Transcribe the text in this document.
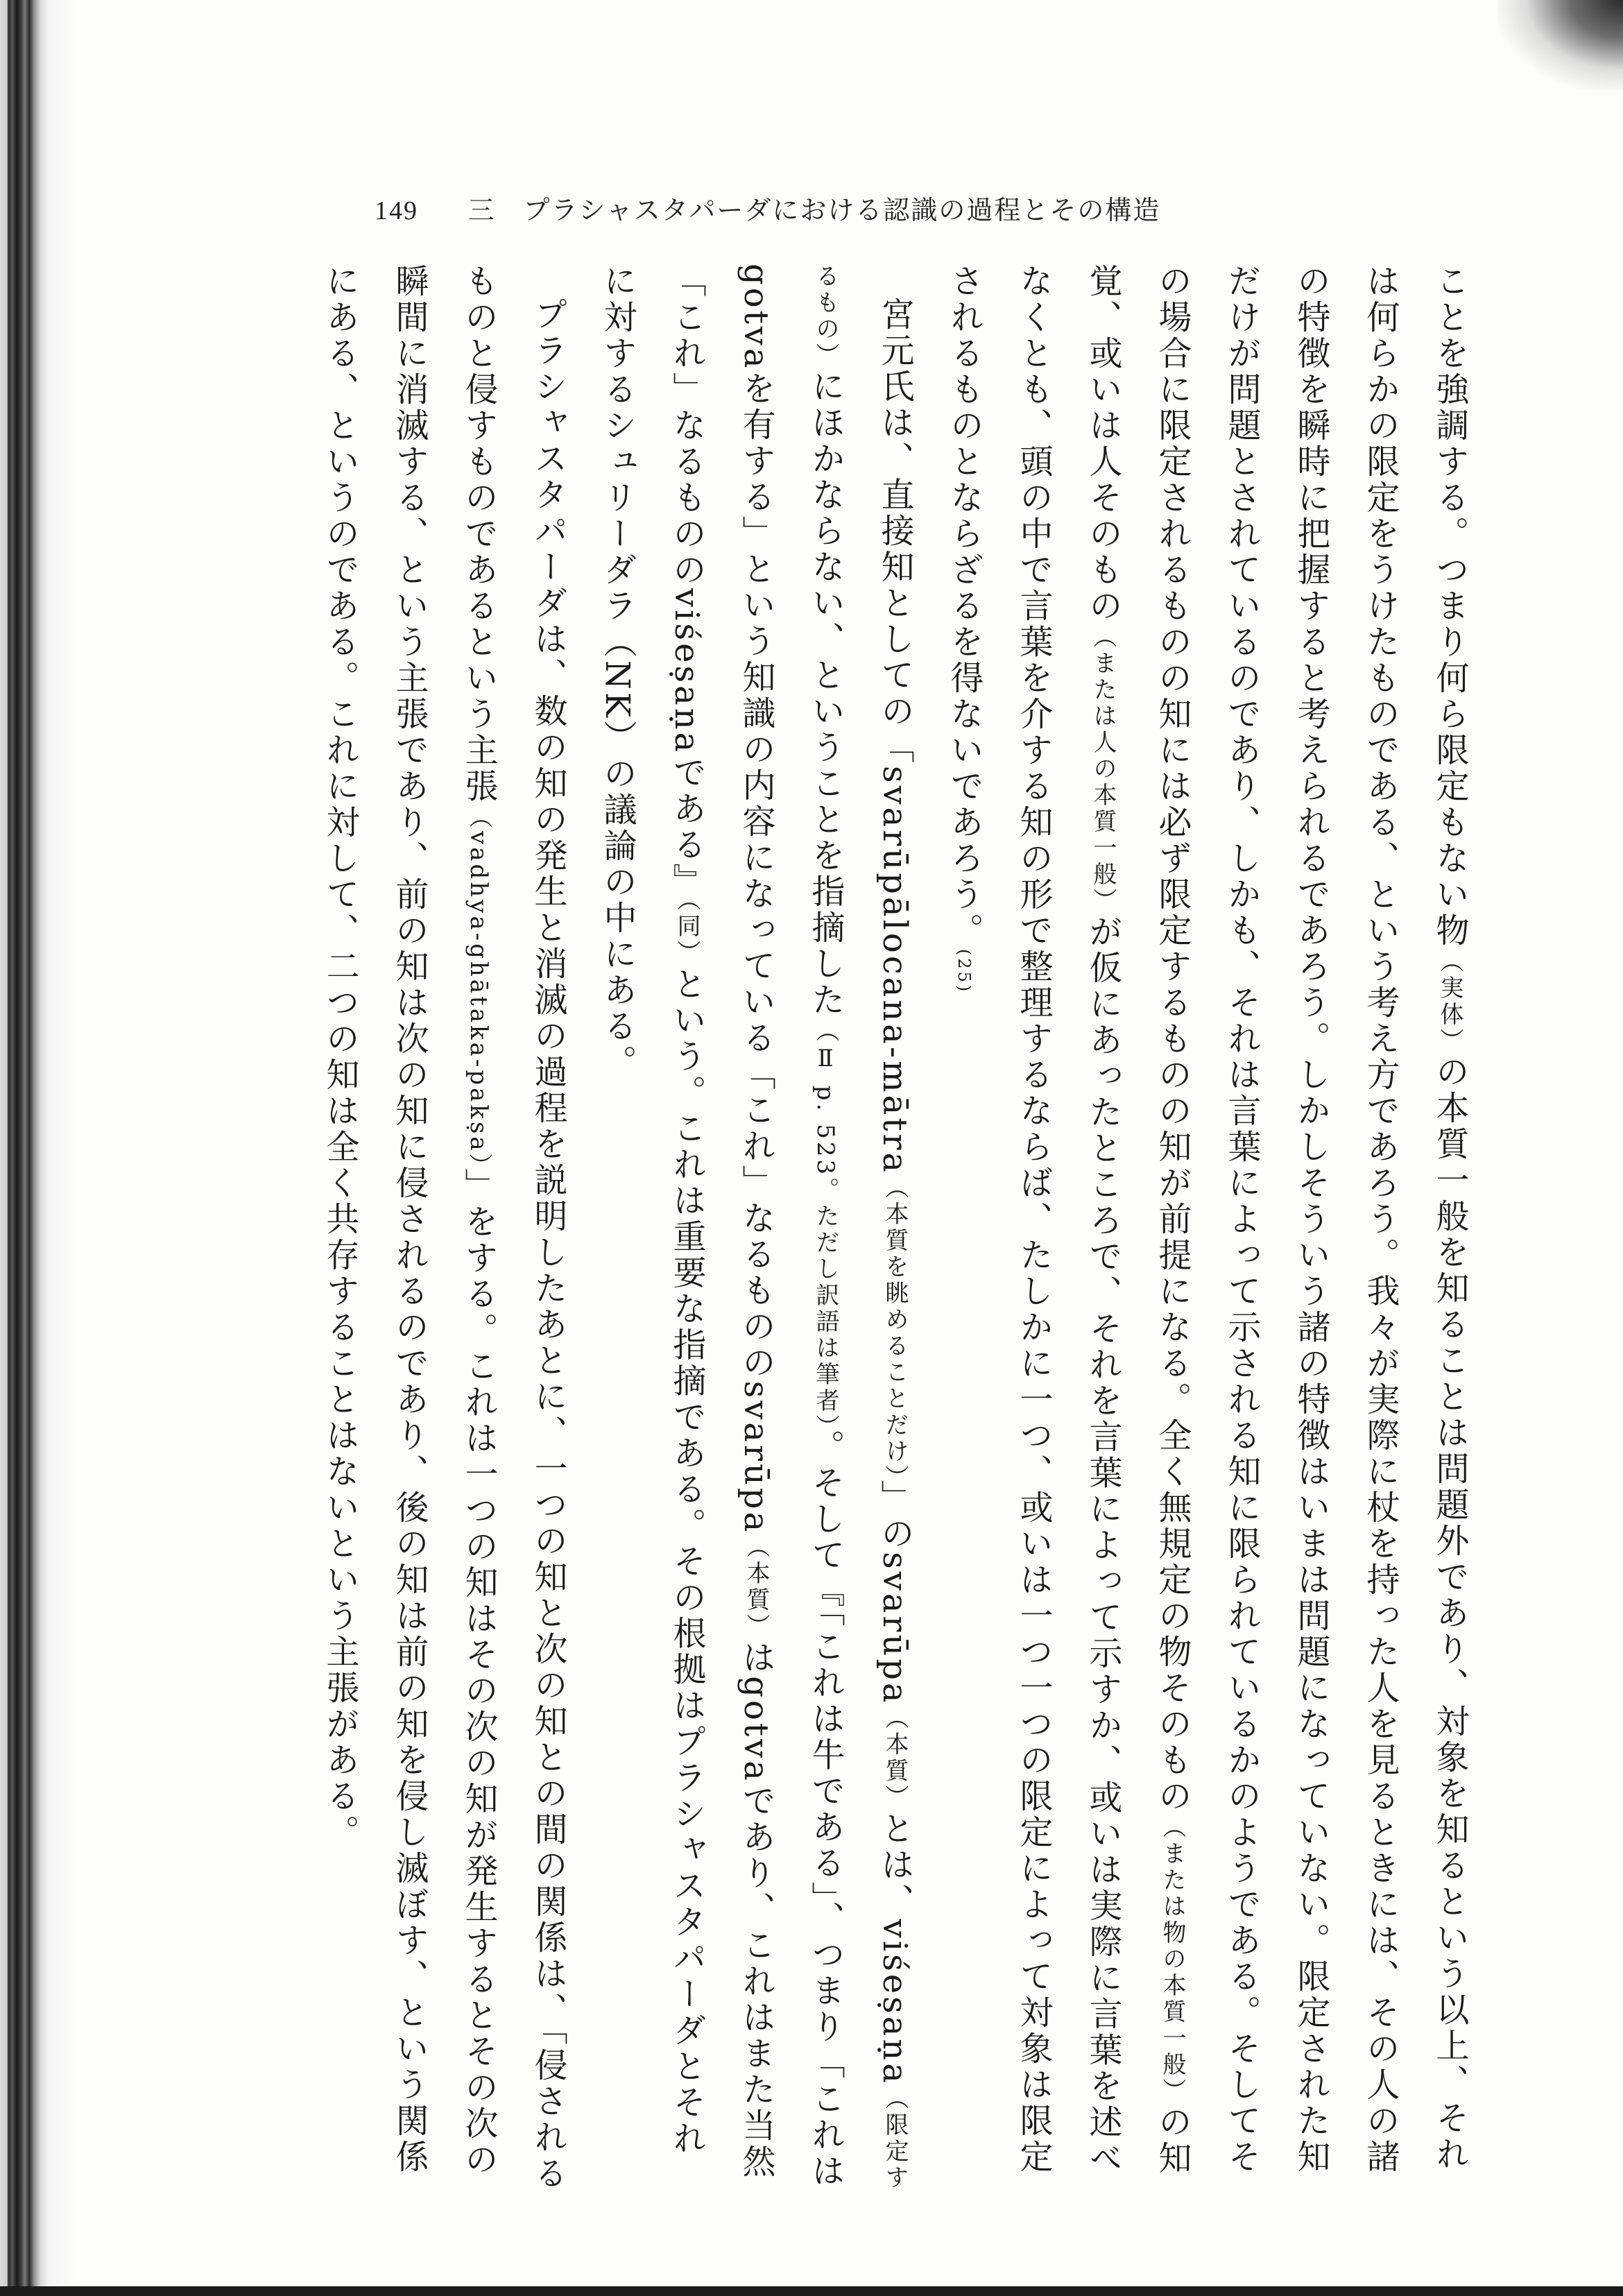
149 三　プラシャスタパーダにおける認識の過程とその構造

ことを強調する。つまり何ら限定もない物（実体）の本質一般を知ることは問題外であり、対象を知るという以上、それは何らかの限定をうけたものである、という考え方であろう。我々が実際に杖を持った人を見るときには、その人の諸の特徴を瞬時に把握すると考えられるであろう。しかしそういう諸の特徴はいまは問題になっていない。限定された知だけが問題とされているのであり、しかも、それは言葉によって示される知に限られているかのようである。そしてその場合に限定されるものの知には必ず限定するものの知が前提になる。全く無規定の物そのもの（または物の本質一般）の知覚、或いは人そのもの（または人の本質一般）が仮にあったところで、それを言葉によって示すか、或いは実際に言葉を述べなくとも、頭の中で言葉を介する知の形で整理するならば、たしかに一つ、或いは一つ一つの限定によって対象は限定されるものとならざるを得ないであろう。(25)

宮元氏は、直接知としての「svarūpālocana-mātra（本質を眺めることだけ）」のsvarūpa（本質）とは、viśeṣaṇa（限定するもの）にほかならない、ということを指摘した（Ⅱ p. 523。ただし訳語は筆者）。そして『「これは牛である」、つまり「これはgotvaを有する」という知識の内容になっている「これ」なるもののsvarūpa（本質）はgotvaであり、これはまた当然「これ」なるもののviśeṣaṇaである』（同）という。これは重要な指摘である。その根拠はプラシャスタパーダとそれに対するシュリーダラ（NK）の議論の中にある。

プラシャスタパーダは、数の知の発生と消滅の過程を説明したあとに、一つの知と次の知との間の関係は、「侵されるものと侵すものであるという主張（vadhya-ghātaka-pakṣa）」をする。これは一つの知はその次の知が発生するとその次の瞬間に消滅する、という主張であり、前の知は次の知に侵されるのであり、後の知は前の知を侵し滅ぼす、という関係にある、というのである。これに対して、二つの知は全く共存することはないという主張がある。
